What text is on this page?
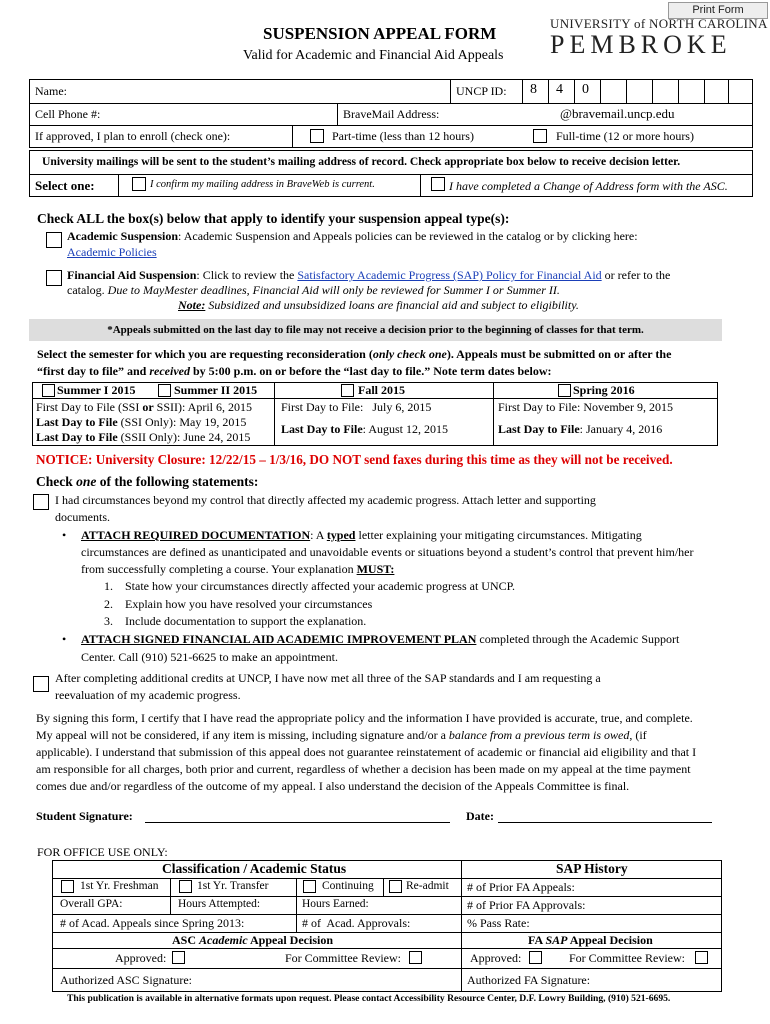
Print Form
SUSPENSION APPEAL FORM
Valid for Academic and Financial Aid Appeals
UNIVERSITY of NORTH CAROLINA
PEMBROKE
Name:	UNCP ID: 8 4 0
Cell Phone #:	BraveMail Address:	@bravemail.uncp.edu
If approved, I plan to enroll (check one):	Part-time (less than 12 hours)	Full-time (12 or more hours)
University mailings will be sent to the student’s mailing address of record. Check appropriate box below to receive decision letter.
Select one:	I confirm my mailing address in BraveWeb is current.	I have completed a Change of Address form with the ASC.
Check ALL the box(s) below that apply to identify your suspension appeal type(s):
Academic Suspension: Academic Suspension and Appeals policies can be reviewed in the catalog or by clicking here:
Academic Policies
Financial Aid Suspension: Click to review the Satisfactory Academic Progress (SAP) Policy for Financial Aid or refer to the
catalog. Due to MayMester deadlines, Financial Aid will only be reviewed for Summer I or Summer II.
Note: Subsidized and unsubsidized loans are financial aid and subject to eligibility.
*Appeals submitted on the last day to file may not receive a decision prior to the beginning of classes for that term.
Select the semester for which you are requesting reconsideration (only check one). Appeals must be submitted on or after the
“first day to file” and received by 5:00 p.m. on or before the “last day to file.” Note term dates below:
Summer I 2015	Summer II 2015	Fall 2015	Spring 2016
First Day to File (SSI or SSII): April 6, 2015
Last Day to File (SSI Only): May 19, 2015
Last Day to File (SSII Only): June 24, 2015
First Day to File:   July 6, 2015
Last Day to File: August 12, 2015
First Day to File: November 9, 2015
Last Day to File: January 4, 2016
NOTICE: University Closure: 12/22/15 – 1/3/16, DO NOT send faxes during this time as they will not be received.
Check one of the following statements:
I had circumstances beyond my control that directly affected my academic progress. Attach letter and supporting
documents.
• ATTACH REQUIRED DOCUMENTATION: A typed letter explaining your mitigating circumstances. Mitigating
circumstances are defined as unanticipated and unavoidable events or situations beyond a student’s control that prevent him/her
from successfully completing a course. Your explanation MUST:
1.    State how your circumstances directly affected your academic progress at UNCP.
2.    Explain how you have resolved your circumstances
3.    Include documentation to support the explanation.
• ATTACH SIGNED FINANCIAL AID ACADEMIC IMPROVEMENT PLAN completed through the Academic Support
Center. Call (910) 521-6625 to make an appointment.
After completing additional credits at UNCP, I have now met all three of the SAP standards and I am requesting a
reevaluation of my academic progress.
By signing this form, I certify that I have read the appropriate policy and the information I have provided is accurate, true, and complete.
My appeal will not be considered, if any item is missing, including signature and/or a balance from a previous term is owed, (if
applicable). I understand that submission of this appeal does not guarantee reinstatement of academic or financial aid eligibility and that I
am responsible for all charges, both prior and current, regardless of whether a decision has been made on my appeal at the time payment
comes due and/or regardless of the outcome of my appeal. I also understand the decision of the Appeals Committee is final.
Student Signature:	Date:
FOR OFFICE USE ONLY:
Classification / Academic Status	SAP History
1st Yr. Freshman	1st Yr. Transfer	Continuing	Re-admit
Overall GPA:	Hours Attempted:	Hours Earned:
# of Acad. Appeals since Spring 2013:	# of  Acad. Approvals:
# of Prior FA Appeals:
# of Prior FA Approvals:
% Pass Rate:
ASC Academic Appeal Decision	FA SAP Appeal Decision
Approved:	For Committee Review:	Approved:	For Committee Review:
Authorized ASC Signature:	Authorized FA Signature:
This publication is available in alternative formats upon request. Please contact Accessibility Resource Center, D.F. Lowry Building, (910) 521-6695.
